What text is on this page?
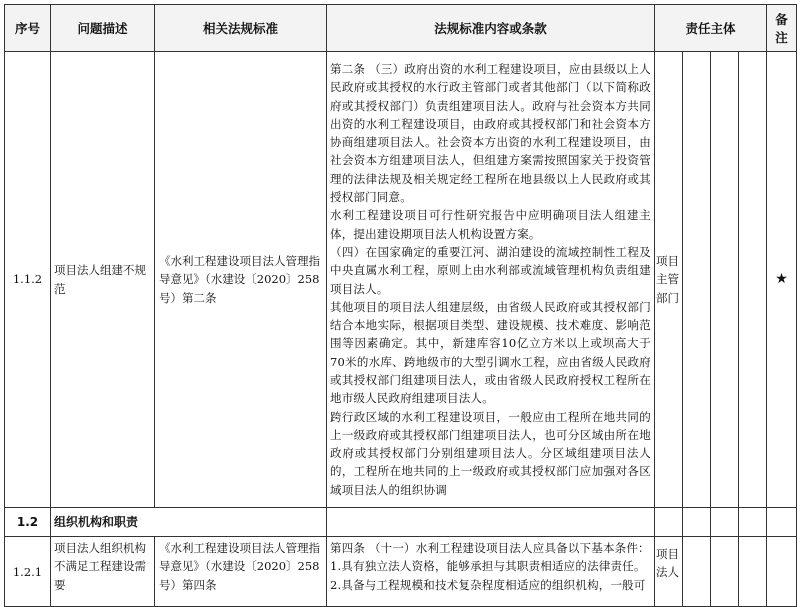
序号	问题描述	相关法规标准	法规标准内容或条款	责任主体				备注
1.1.2	项目法人组建不规范	《水利工程建设项目法人管理指导意见》（水建设〔2020〕258号）第二条	第二条 （三）政府出资的水利工程建设项目，应由县级以上人民政府或其授权的水行政主管部门或者其他部门（以下简称政府或其授权部门）负责组建项目法人。政府与社会资本方共同出资的水利工程建设项目，由政府或其授权部门和社会资本方协商组建项目法人。社会资本方出资的水利工程建设项目，由社会资本方组建项目法人，但组建方案需按照国家关于投资管理的法律法规及相关规定经工程所在地县级以上人民政府或其授权部门同意。

水利工程建设项目可行性研究报告中应明确项目法人组建主体，提出建设期项目法人机构设置方案。

（四）在国家确定的重要江河、湖泊建设的流域控制性工程及中央直属水利工程，原则上由水利部或流域管理机构负责组建项目法人。

其他项目的项目法人组建层级，由省级人民政府或其授权部门结合本地实际，根据项目类型、建设规模、技术难度、影响范围等因素确定。其中，新建库容10亿立方米以上或坝高大于70米的水库、跨地级市的大型引调水工程，应由省级人民政府或其授权部门组建项目法人，或由省级人民政府授权工程所在地市级人民政府组建项目法人。

跨行政区域的水利工程建设项目，一般应由工程所在地共同的上一级政府或其授权部门组建项目法人，也可分区域由所在地政府或其授权部门分别组建项目法人。分区域组建项目法人的，工程所在地共同的上一级政府或其授权部门应加强对各区域项目法人的组织协调	项目主管部门				★
1.2	组织机构和职责							
1.2.1	项目法人组织机构不满足工程建设需要	《水利工程建设项目法人管理指导意见》（水建设〔2020〕258号）第四条	第四条 （十一）水利工程建设项目法人应具备以下基本条件：

1.具有独立法人资格，能够承担与其职责相适应的法律责任。

2.具备与工程规模和技术复杂程度相适应的组织机构，一般可	项目法人				
